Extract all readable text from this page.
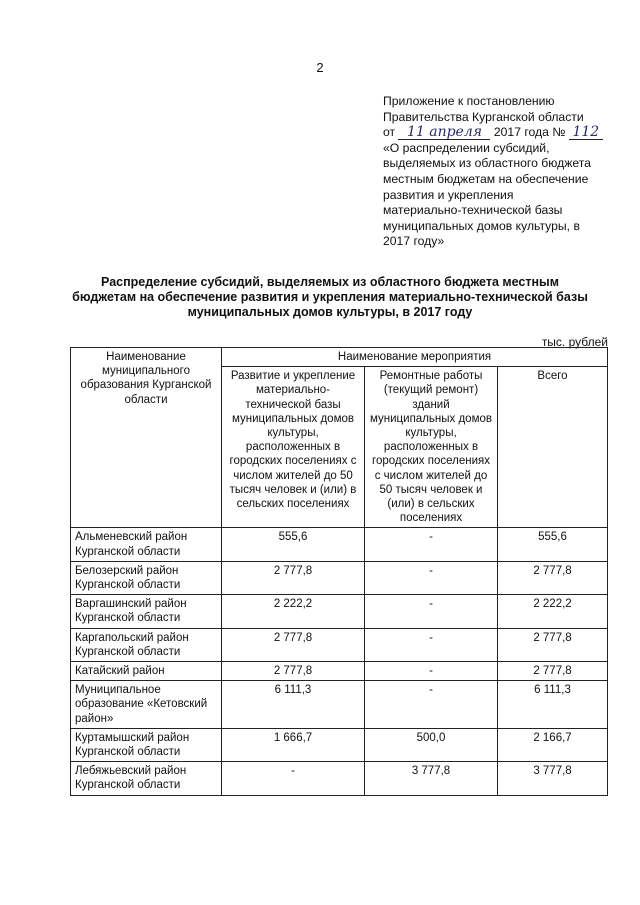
2
Приложение к постановлению
Правительства Курганской области
от 11 апреля 2017 года № 112
«О распределении субсидий,
выделяемых из областного бюджета
местным бюджетам на обеспечение
развития и укрепления
материально-технической базы
муниципальных домов культуры, в
2017 году»
Распределение субсидий, выделяемых из областного бюджета местным
бюджетам на обеспечение развития и укрепления материально-технической базы
муниципальных домов культуры, в 2017 году
тыс. рублей
Наименование муниципального образования Курганской области	Наименование мероприятия		
	Развитие и укрепление материально-технической базы муниципальных домов культуры, расположенных в городских поселениях с числом жителей до 50 тысяч человек и (или) в сельских поселениях	Ремонтные работы (текущий ремонт) зданий муниципальных домов культуры, расположенных в городских поселениях с числом жителей до 50 тысяч человек и (или) в сельских поселениях	Всего
Альменевский район Курганской области	555,6	-	555,6
Белозерский район Курганской области	2 777,8	-	2 777,8
Варгашинский район Курганской области	2 222,2	-	2 222,2
Каргапольский район Курганской области	2 777,8	-	2 777,8
Катайский район	2 777,8	-	2 777,8
Муниципальное образование «Кетовский район»	6 111,3	-	6 111,3
Куртамышский район Курганской области	1 666,7	500,0	2 166,7
Лебяжьевский район Курганской области	-	3 777,8	3 777,8
